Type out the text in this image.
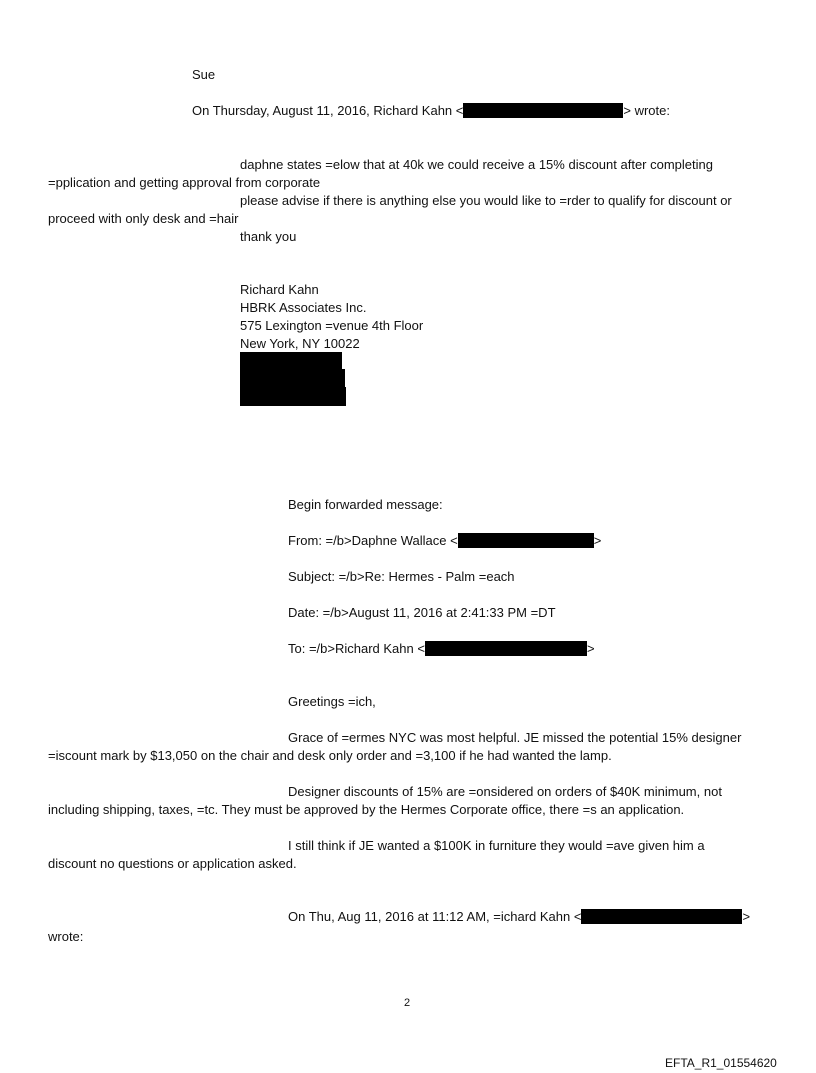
Sue
On Thursday, August 11, 2016, Richard Kahn <	> wrote:
daphne states =elow that at 40k we could receive a 15% discount after completing
=pplication and getting approval from corporate
please advise if there is anything else you would like to =rder to qualify for discount or
proceed with only desk and =hair
thank you
Richard Kahn
HBRK Associates Inc.
575 Lexington =venue 4th Floor
New York, NY 10022
Begin forwarded message:
From: =/b>Daphne Wallace <	>
Subject: =/b>Re: Hermes - Palm =each
Date: =/b>August 11, 2016 at 2:41:33 PM =DT
To: =/b>Richard Kahn <	>
Greetings =ich,
Grace of =ermes NYC was most helpful. JE missed the potential 15% designer
=iscount mark by $13,050 on the chair and desk only order and =3,100 if he had wanted the lamp.
Designer discounts of 15% are =onsidered on orders of $40K minimum, not
including shipping, taxes, =tc. They must be approved by the Hermes Corporate office, there =s an application.
I still think if JE wanted a $100K in furniture they would =ave given him a
discount no questions or application asked.
On Thu, Aug 11, 2016 at 11:12 AM, =ichard Kahn <	>
wrote:
2
EFTA_R1_01554620
